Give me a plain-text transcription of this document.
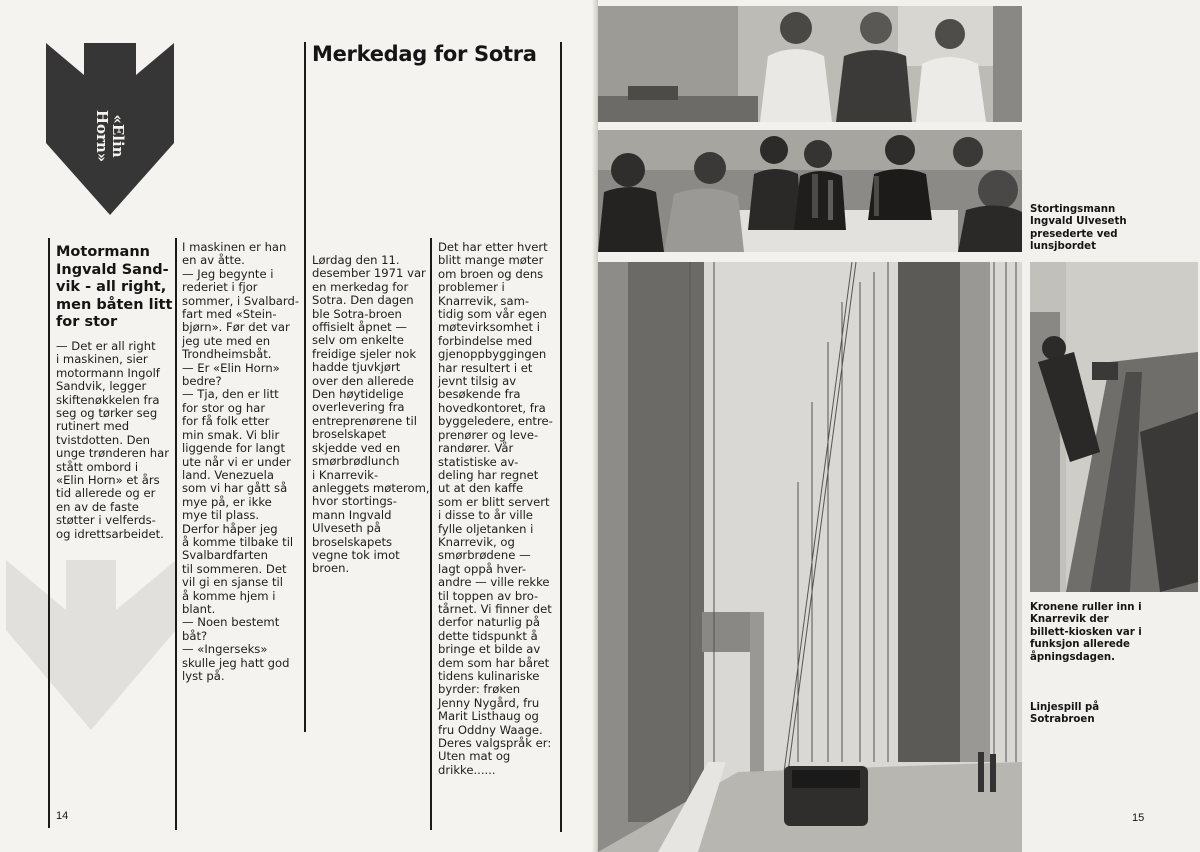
«Elin Horn»
Merkedag for Sotra
Motormann
Ingvald Sand-
vik - all right,
men båten litt
for stor
— Det er all right
i maskinen, sier
motormann Ingolf
Sandvik, legger
skiftenøkkelen fra
seg og tørker seg
rutinert med
tvistdotten. Den
unge trønderen har
stått ombord i
«Elin Horn» et års
tid allerede og er
en av de faste
støtter i velferds-
og idrettsarbeidet.
I maskinen er han
en av åtte.
— Jeg begynte i
rederiet i fjor
sommer, i Svalbard-
fart med «Stein-
bjørn». Før det var
jeg ute med en
Trondheimsbåt.
— Er «Elin Horn»
bedre?
— Tja, den er litt
for stor og har
for få folk etter
min smak. Vi blir
liggende for langt
ute når vi er under
land. Venezuela
som vi har gått så
mye på, er ikke
mye til plass.
Derfor håper jeg
å komme tilbake til
Svalbardfarten
til sommeren. Det
vil gi en sjanse til
å komme hjem i
blant.
— Noen bestemt
båt?
— «Ingerseks»
skulle jeg hatt god
lyst på.
Lørdag den 11.
desember 1971 var
en merkedag for
Sotra. Den dagen
ble Sotra-broen
offisielt åpnet —
selv om enkelte
freidige sjeler nok
hadde tjuvkjørt
over den allerede
Den høytidelige
overlevering fra
entreprenørene til
broselskapet
skjedde ved en
smørbrødlunch
i Knarrevik-
anleggets møterom,
hvor stortings-
mann Ingvald
Ulveseth på
broselskapets
vegne tok imot
broen.
Det har etter hvert
blitt mange møter
om broen og dens
problemer i
Knarrevik, sam-
tidig som vår egen
møtevirksomhet i
forbindelse med
gjenoppbyggingen
har resultert i et
jevnt tilsig av
besøkende fra
hovedkontoret, fra
byggeledere, entre-
prenører og leve-
randører. Vår
statistiske av-
deling har regnet
ut at den kaffe
som er blitt servert
i disse to år ville
fylle oljetanken i
Knarrevik, og
smørbrødene —
lagt oppå hver-
andre — ville rekke
til toppen av bro-
tårnet. Vi finner det
derfor naturlig på
dette tidspunkt å
bringe et bilde av
dem som har båret
tidens kulinariske
byrder: frøken
Jenny Nygård, fru
Marit Listhaug og
fru Oddny Waage.
Deres valgspråk er:
Uten mat og
drikke......
14
Stortingsmann
Ingvald Ulveseth
presederte ved
lunsjbordet
Kronene ruller inn i
Knarrevik der
billett-kiosken var i
funksjon allerede
åpningsdagen.
Linjespill på
Sotrabroen
15
